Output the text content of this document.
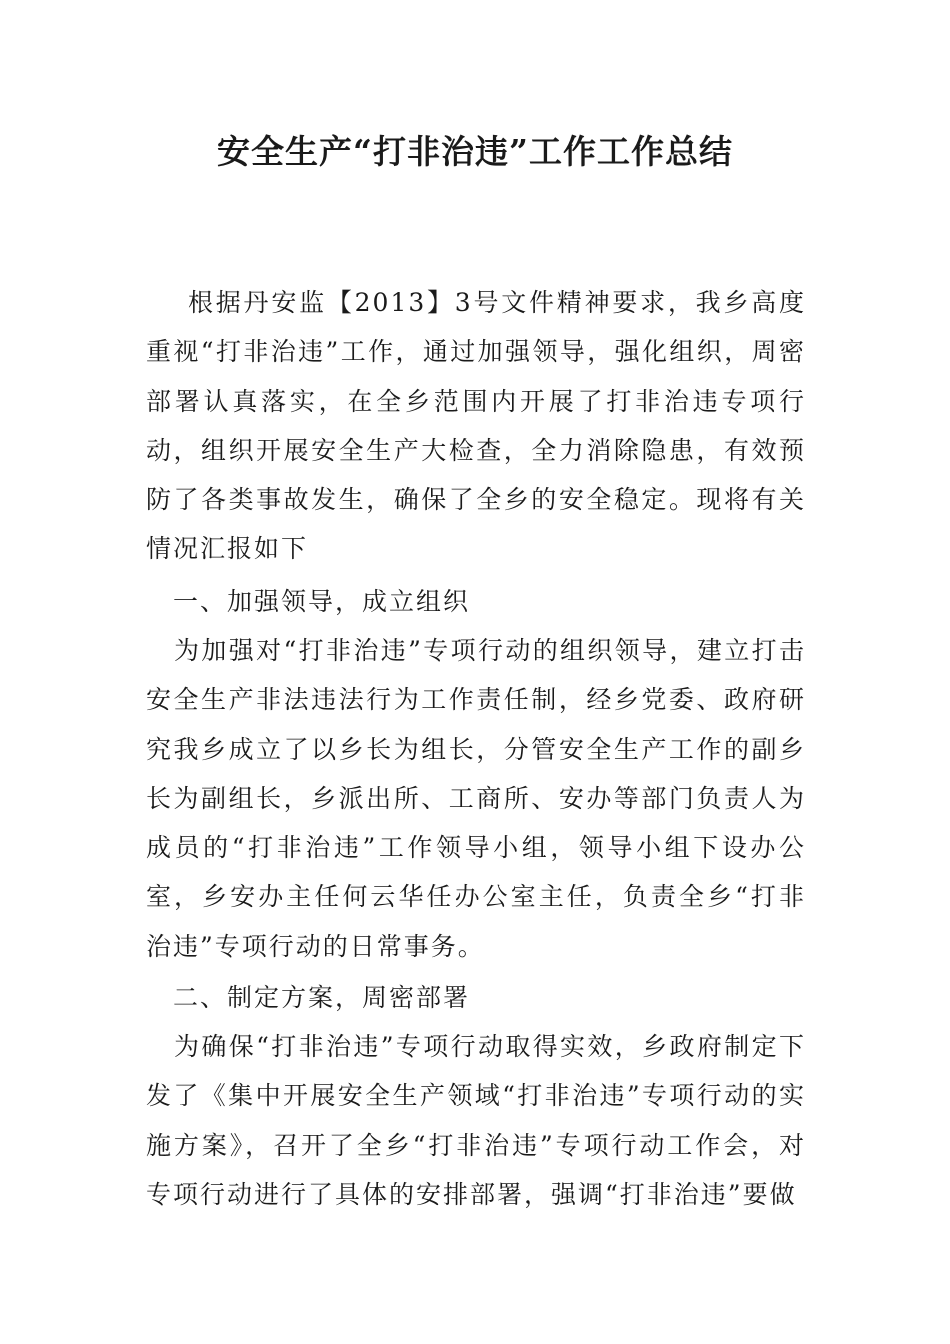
安全生产“打非治违”工作工作总结

根据丹安监【2013】3号文件精神要求，我乡高度重视“打非治违”工作，通过加强领导，强化组织，周密部署认真落实，在全乡范围内开展了打非治违专项行动，组织开展安全生产大检查，全力消除隐患，有效预防了各类事故发生，确保了全乡的安全稳定。现将有关情况汇报如下

一、加强领导，成立组织

为加强对“打非治违”专项行动的组织领导，建立打击安全生产非法违法行为工作责任制，经乡党委、政府研究我乡成立了以乡长为组长，分管安全生产工作的副乡长为副组长，乡派出所、工商所、安办等部门负责人为成员的“打非治违”工作领导小组，领导小组下设办公室，乡安办主任何云华任办公室主任，负责全乡“打非治违”专项行动的日常事务。

二、制定方案，周密部署

为确保“打非治违”专项行动取得实效，乡政府制定下发了《集中开展安全生产领域“打非治违”专项行动的实施方案》，召开了全乡“打非治违”专项行动工作会，对专项行动进行了具体的安排部署，强调“打非治违”要做
